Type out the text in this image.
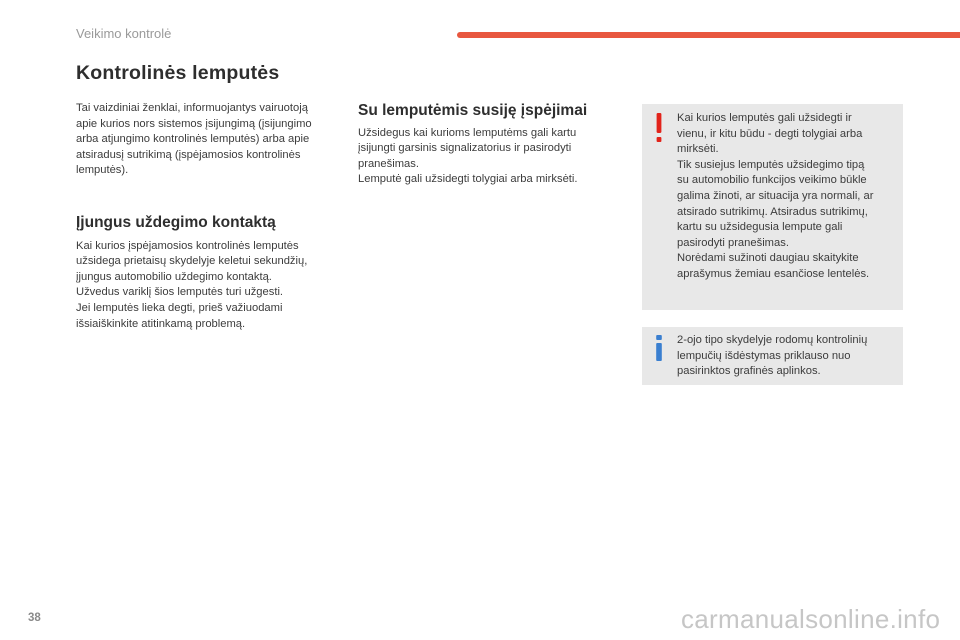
Veikimo kontrolė
Kontrolinės lemputės

Tai vaizdiniai ženklai, informuojantys vairuotoją
apie kurios nors sistemos įsijungimą (įsijungimo
arba atjungimo kontrolinės lemputės) arba apie
atsiradusį sutrikimą (įspėjamosios kontrolinės
lemputės).

Įjungus uždegimo kontaktą

Kai kurios įspėjamosios kontrolinės lemputės
užsidega prietaisų skydelyje keletui sekundžių,
įjungus automobilio uždegimo kontaktą.
Užvedus variklį šios lemputės turi užgesti.
Jei lemputės lieka degti, prieš važiuodami
išsiaiškinkite atitinkamą problemą.

Su lemputėmis susiję įspėjimai

Užsidegus kai kurioms lemputėms gali kartu
įsijungti garsinis signalizatorius ir pasirodyti
pranešimas.
Lemputė gali užsidegti tolygiai arba mirksėti.

Kai kurios lemputės gali užsidegti ir
vienu, ir kitu būdu - degti tolygiai arba
mirksėti.
Tik susiejus lemputės užsidegimo tipą
su automobilio funkcijos veikimo būkle
galima žinoti, ar situacija yra normali, ar
atsirado sutrikimų. Atsiradus sutrikimų,
kartu su užsidegusia lempute gali
pasirodyti pranešimas.
Norėdami sužinoti daugiau skaitykite
aprašymus žemiau esančiose lentelės.

2-ojo tipo skydelyje rodomų kontrolinių
lempučių išdėstymas priklauso nuo
pasirinktos grafinės aplinkos.

38	carmanualsonline.info
